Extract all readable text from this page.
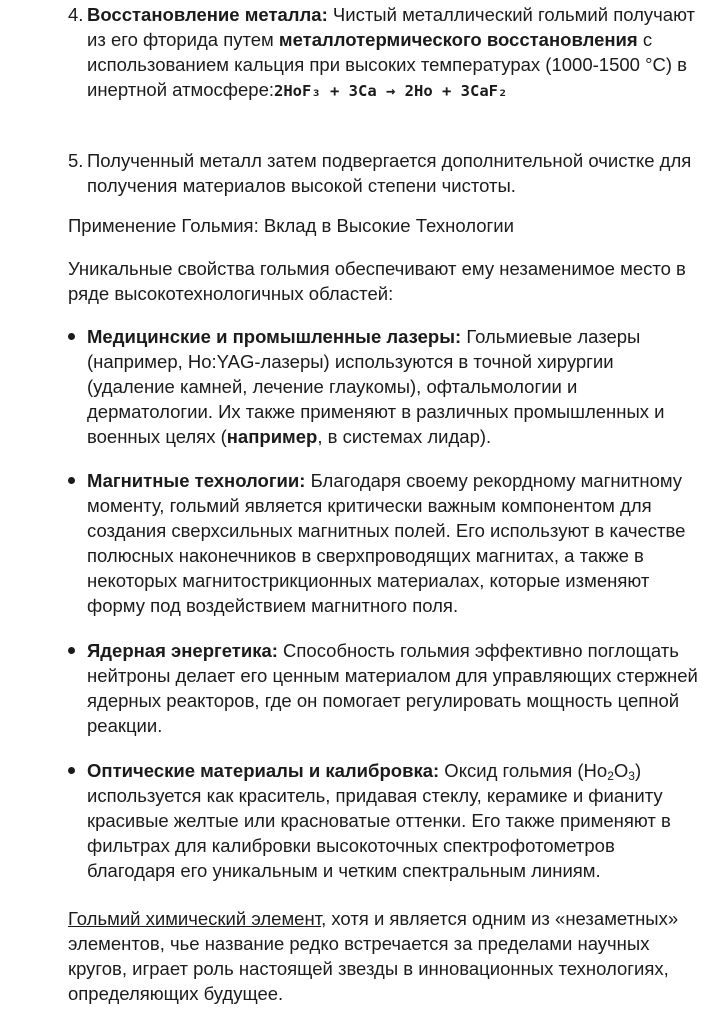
4. Восстановление металла: Чистый металлический гольмий получают из его фторида путем металлотермического восстановления с использованием кальция при высоких температурах (1000-1500 °C) в инертной атмосфере:2HoF₃ + 3Ca → 2Ho + 3CaF₂
5. Полученный металл затем подвергается дополнительной очистке для получения материалов высокой степени чистоты.

Применение Гольмия: Вклад в Высокие Технологии

Уникальные свойства гольмия обеспечивают ему незаменимое место в ряде высокотехнологичных областей:

Медицинские и промышленные лазеры: Гольмиевые лазеры (например, Ho:YAG-лазеры) используются в точной хирургии (удаление камней, лечение глаукомы), офтальмологии и дерматологии. Их также применяют в различных промышленных и военных целях (например, в системах лидар).
Магнитные технологии: Благодаря своему рекордному магнитному моменту, гольмий является критически важным компонентом для создания сверхсильных магнитных полей. Его используют в качестве полюсных наконечников в сверхпроводящих магнитах, а также в некоторых магнитострикционных материалах, которые изменяют форму под воздействием магнитного поля.
Ядерная энергетика: Способность гольмия эффективно поглощать нейтроны делает его ценным материалом для управляющих стержней ядерных реакторов, где он помогает регулировать мощность цепной реакции.
Оптические материалы и калибровка: Оксид гольмия $(Ho_2O_3)$ используется как краситель, придавая стеклу, керамике и фианиту красивые желтые или красноватые оттенки. Его также применяют в фильтрах для калибровки высокоточных спектрофотометров благодаря его уникальным и четким спектральным линиям.

Гольмий химический элемент, хотя и является одним из «незаметных» элементов, чье название редко встречается за пределами научных кругов, играет роль настоящей звезды в инновационных технологиях, определяющих будущее.
